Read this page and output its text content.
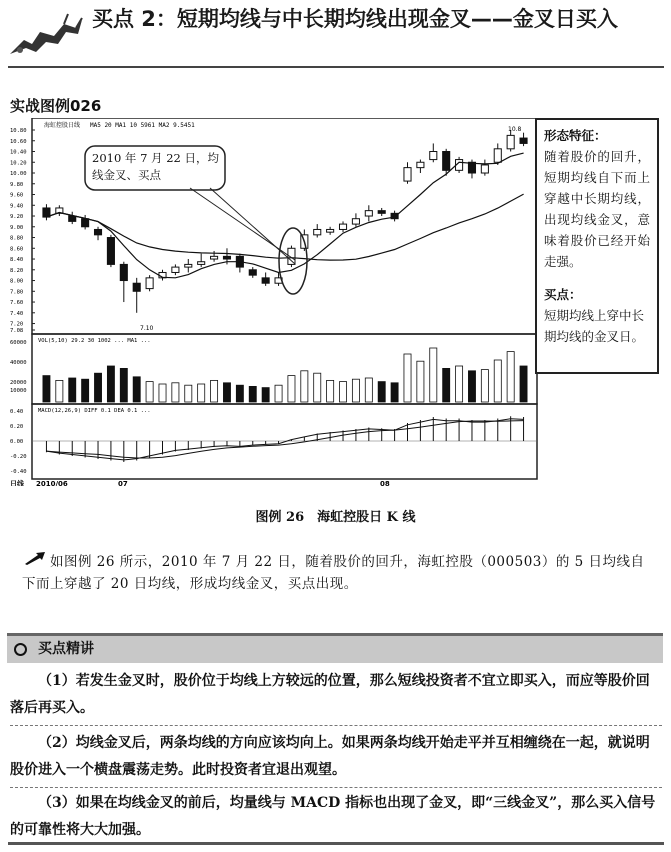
买点 2：短期均线与中长期均线出现金叉——金叉日买入
实战图例026
10.80
10.60
10.40
10.20
10.00
9.80
9.60
9.40
9.20
9.00
8.80
8.60
8.40
8.20
8.00
7.80
7.60
7.40
7.20
7.08
60000
40000
20000
10000
0.40
0.20
0.00
-0.20
-0.40
海虹控股日线 MA5 20 MA1 10 5961 MA2 9.5451
VOL(5,10) 29.2 30 1002 ... MA1 ...
MACD(12,26,9) DIFF 0.1 DEA 0.1 ...
7.10
10.8
日线 2010/06	07	08
2010 年 7 月 22 日，均线金叉、买点

形态特征：

随着股价的回升，短期均线自下而上穿越中长期均线，出现均线金叉，意味着股价已经开始走强。

买点：

短期均线上穿中长期均线的金叉日。

图例 26　海虹控股日 K 线
如图例 26 所示，2010 年 7 月 22 日，随着股价的回升，海虹控股（000503）的 5 日均线自下而上穿越了 20 日均线，形成均线金叉，买点出现。
买点精讲
（1）若发生金叉时，股价位于均线上方较远的位置，那么短线投资者不宜立即买入，而应等股价回落后再买入。
（2）均线金叉后，两条均线的方向应该均向上。如果两条均线开始走平并互相缠绕在一起，就说明股价进入一个横盘震荡走势。此时投资者宜退出观望。
（3）如果在均线金叉的前后，均量线与 MACD 指标也出现了金叉，即“三线金叉”，那么买入信号的可靠性将大大加强。
